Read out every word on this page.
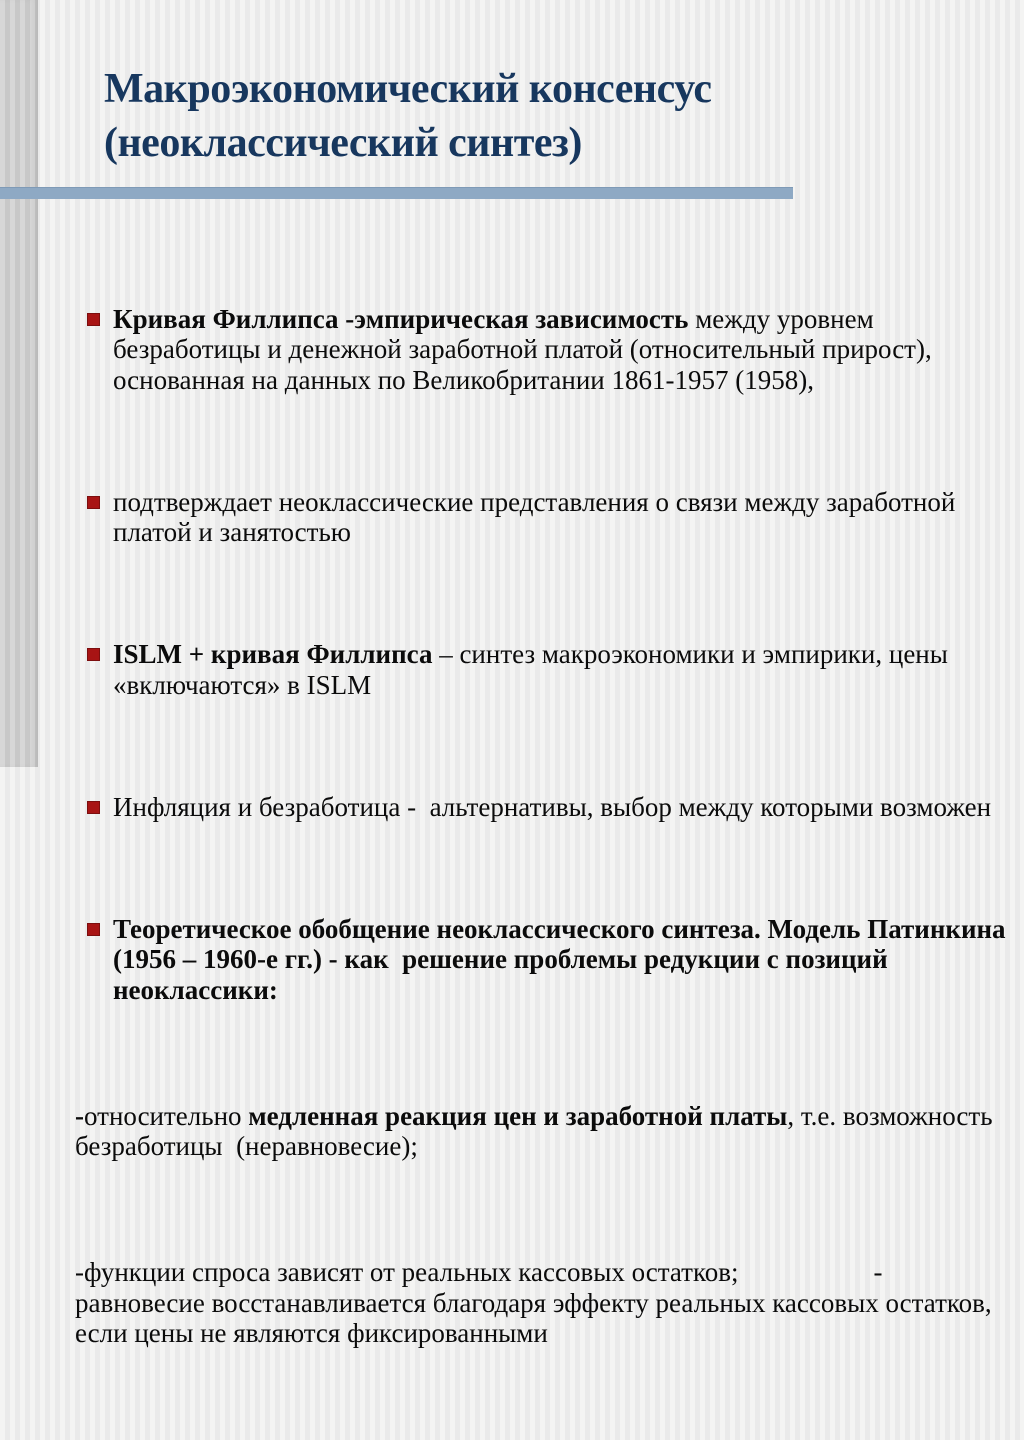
Макроэкономический консенсус (неоклассический синтез)

Кривая Филлипса -эмпирическая зависимость между уровнем безработицы и денежной заработной платой (относительный прирост), основанная на данных по Великобритании 1861-1957 (1958),

подтверждает неоклассические представления о связи между заработной платой и занятостью

ISLM + кривая Филлипса – синтез макроэкономики и эмпирики, цены «включаются» в ISLM

Инфляция и безработица -  альтернативы, выбор между которыми возможен

Теоретическое обобщение неоклассического синтеза. Модель Патинкина (1956 – 1960-е гг.) - как  решение проблемы редукции с позиций  неоклассики:

-относительно медленная реакция цен и заработной платы, т.е. возможность  безработицы  (неравновесие);

-функции спроса зависят от реальных кассовых остатков;                    - равновесие восстанавливается благодаря эффекту реальных кассовых остатков,  если цены не являются фиксированными
